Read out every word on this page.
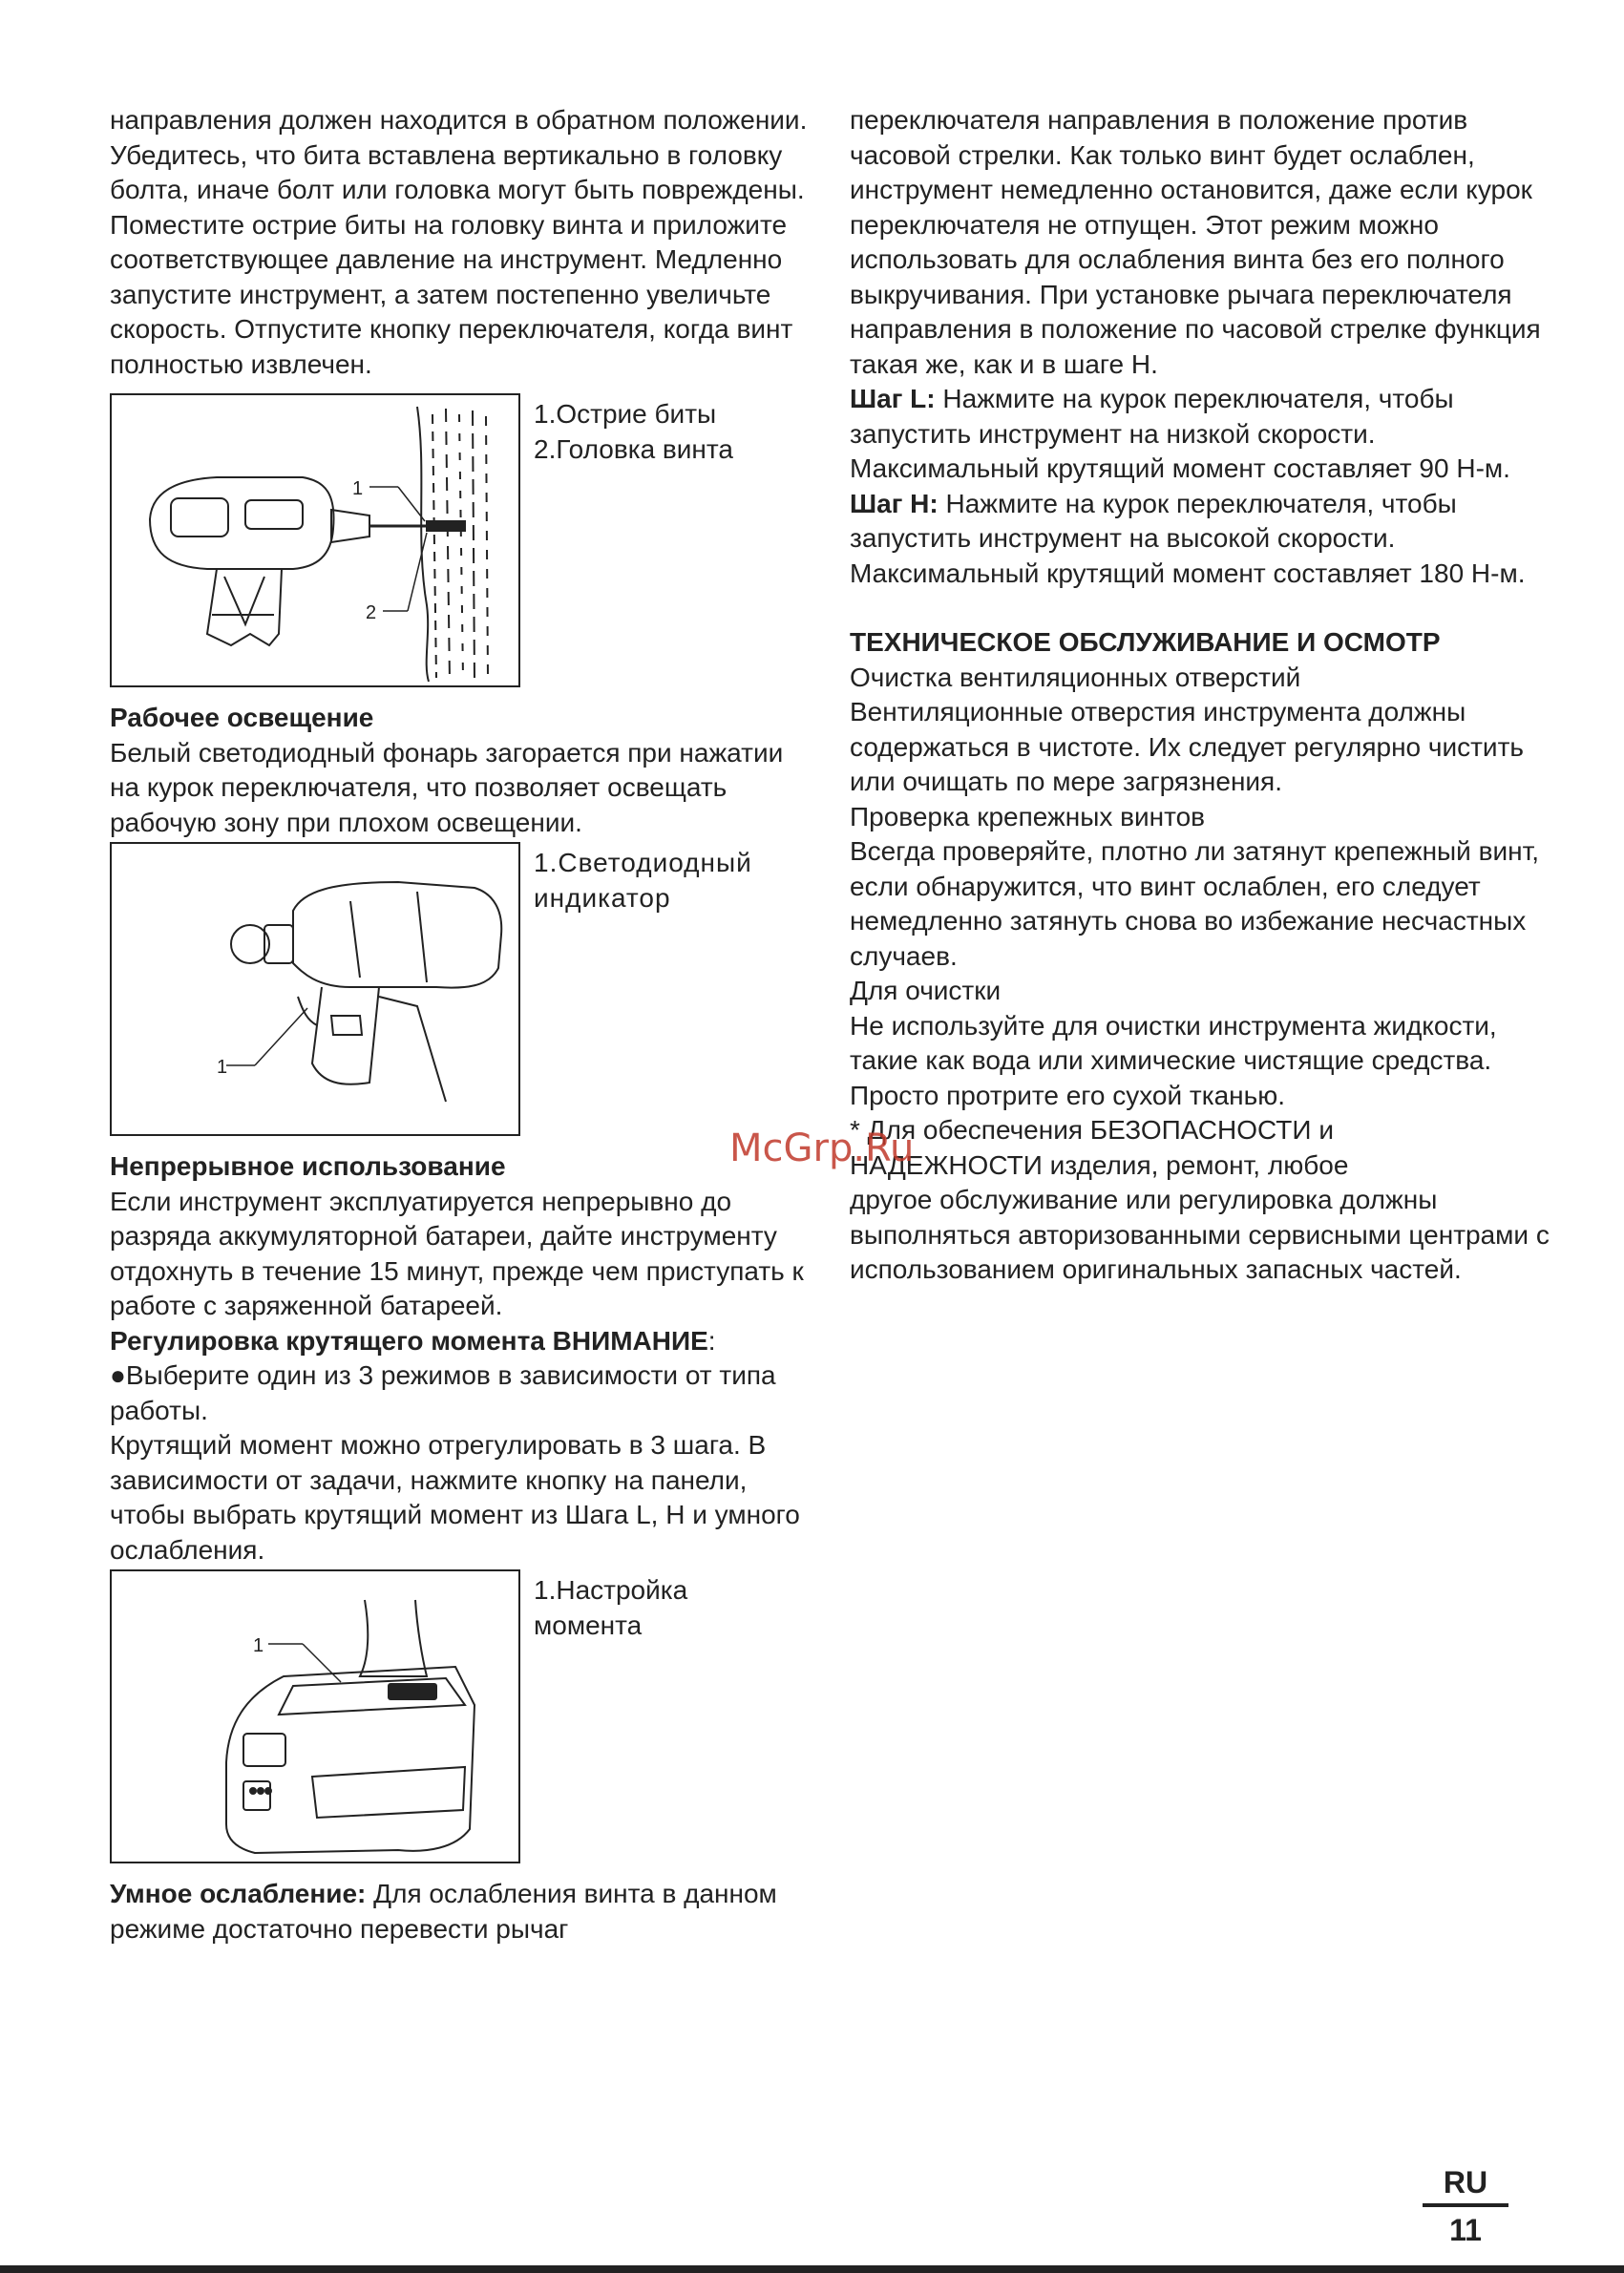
направления должен находится в обратном положении. Убедитесь, что бита вставлена вертикально в головку болта, иначе болт или головка могут быть повреждены.

Поместите острие биты на головку винта и приложите соответствующее давление на инструмент. Медленно запустите инструмент, а затем постепенно увеличьте скорость. Отпустите кнопку переключателя, когда винт полностью извлечен.

1
2
1.Острие биты
2.Головка винта

Рабочее освещение

Белый светодиодный фонарь загорается при нажатии на курок переключателя, что позволяет освещать рабочую зону при плохом освещении.

1
1.Светодиодный
индикатор

Непрерывное использование

Если инструмент эксплуатируется непрерывно до разряда аккумуляторной батареи, дайте инструменту отдохнуть в течение 15 минут, прежде чем приступать к работе с заряженной батареей.

Регулировка крутящего момента ВНИМАНИЕ:

●Выберите один из 3 режимов в зависимости от типа работы.

Крутящий момент можно отрегулировать в 3 шага. В зависимости от задачи, нажмите кнопку на панели, чтобы выбрать крутящий момент из Шага L, H и умного ослабления.

1
1.Настройка
момента

Умное ослабление: Для ослабления винта в данном режиме достаточно перевести рычаг

переключателя направления в положение против часовой стрелки. Как только винт будет ослаблен, инструмент немедленно остановится, даже если курок переключателя не отпущен. Этот режим можно использовать для ослабления винта без его полного выкручивания. При установке рычага переключателя направления в положение по часовой стрелке функция такая же, как и в шаге H.

Шаг L: Нажмите на курок переключателя, чтобы запустить инструмент на низкой скорости. Максимальный крутящий момент составляет 90 Н-м.

Шаг H: Нажмите на курок переключателя, чтобы запустить инструмент на высокой скорости. Максимальный крутящий момент составляет 180 Н-м.

ТЕХНИЧЕСКОЕ ОБСЛУЖИВАНИЕ И ОСМОТР

Очистка вентиляционных отверстий

Вентиляционные отверстия инструмента должны содержаться в чистоте. Их следует регулярно чистить или очищать по мере загрязнения.

Проверка крепежных винтов

Всегда проверяйте, плотно ли затянут крепежный винт, если обнаружится, что винт ослаблен, его следует немедленно затянуть снова во избежание несчастных случаев.

Для очистки

Не используйте для очистки инструмента жидкости, такие как вода или химические чистящие средства. Просто протрите его сухой тканью.

* Для обеспечения БЕЗОПАСНОСТИ и

НАДЕЖНОСТИ изделия, ремонт, любое

другое обслуживание или регулировка должны выполняться авторизованными сервисными центрами с использованием оригинальных запасных частей.

McGrp.Ru
RU
11
